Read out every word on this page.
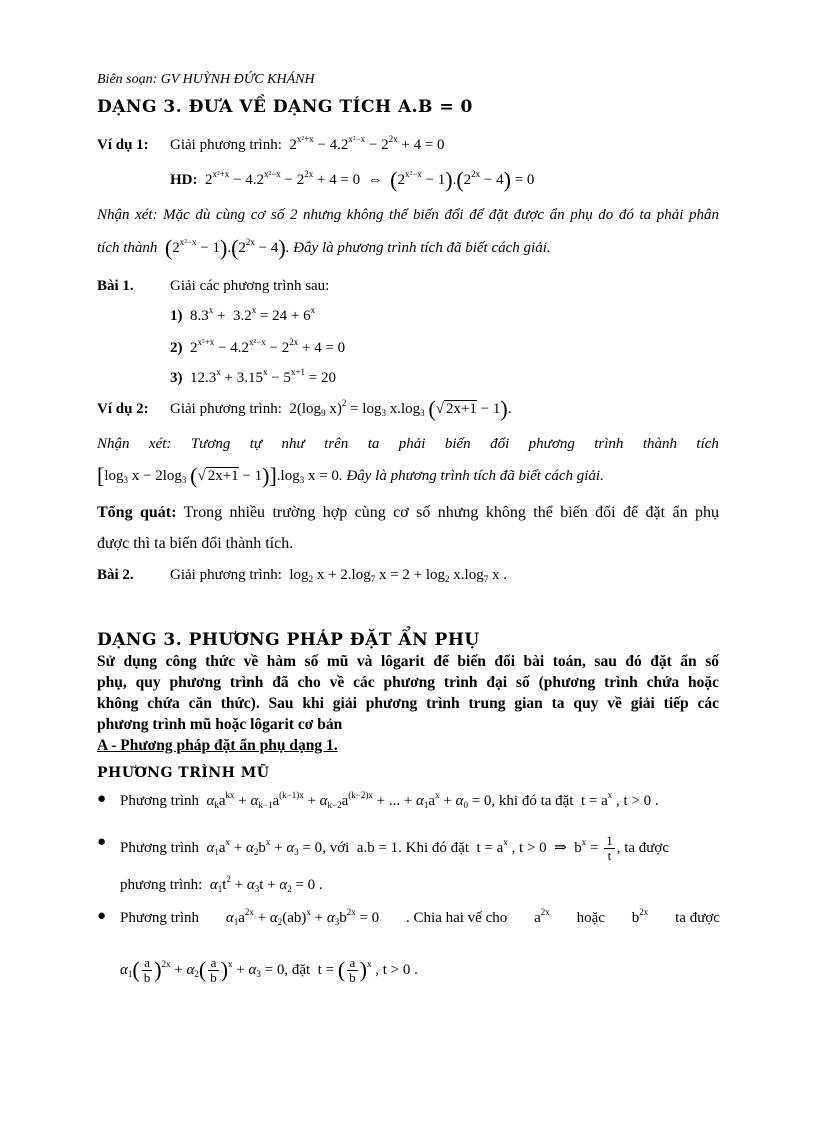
Biên soạn: GV HUỲNH ĐỨC KHÁNH
DẠNG 3. ĐƯA VỀ DẠNG TÍCH A.B = 0
Ví dụ 1: Giải phương trình:  $2^{x^2+x} - 4.2^{x^2-x} - 2^{2x} + 4 = 0$
HD:  $2^{x^2+x} - 4.2^{x^2-x} - 2^{2x} + 4 = 0$  ⇔  $(2^{x^2-x} - 1).(2^{2x} - 4) = 0$
Nhận xét: Mặc dù cùng cơ số 2 nhưng không thể biến đổi để đặt được ẩn phụ do đó ta phải phân
tích thành $(2^{x^2-x} - 1).(2^{2x} - 4)$. Đây là phương trình tích đã biết cách giải.
Bài 1. Giải các phương trình sau:
1)  $8.3^x + 3.2^x = 24 + 6^x$
2)  $2^{x^2+x} - 4.2^{x^2-x} - 2^{2x} + 4 = 0$
3)  $12.3^x + 3.15^x - 5^{x+1} = 20$
Ví dụ 2: Giải phương trình:  $2(\log_9$ $x)^2 = \log_3 x.\log_3$ (√ 2x+1 − 1).
Nhận xét: Tương tự như trên ta phải biến đổi phương trình thành tích
[$\log_3$ $x - 2\log_3$ (√ $2x+1 - 1)].\log_3$ x = 0. Đây là phương trình tích đã biết cách giải.
Tổng quát: Trong nhiều trường hợp cùng cơ số nhưng không thể biến đổi để đặt ẩn phụ
được thì ta biến đổi thành tích.
Bài 2. Giải phương trình:  $\log_2 x + 2.\log_7$ $x = 2 + \log_2 x.\log_7$ x .
DẠNG 3. PHƯƠNG PHÁP ĐẶT ẨN PHỤ
Sử dụng công thức về hàm số mũ và lôgarit để biến đổi bài toán, sau đó đặt ẩn số
phụ, quy phương trình đã cho về các phương trình đại số (phương trình chứa hoặc
không chứa căn thức). Sau khi giải phương trình trung gian ta quy về giải tiếp các
phương trình mũ hoặc lôgarit cơ bản
A - Phương pháp đặt ẩn phụ dạng 1.
PHƯƠNG TRÌNH MŨ
● Phương trình $\alpha_ka^{kx} + \alpha_{k-1}a^{(k-1)x} + \alpha_{k-2}a^{(k-2)x}$ + ... + $\alpha_1a^x + \alpha_0 = 0$, khi đó ta đặt  $t = a^x$ , t > 0 .
● Phương trình $\alpha_1a^x + \alpha_2b^x + \alpha_3 = 0$, với  a.b = 1. Khi đó đặt  $t = a^x$ , t > 0  ⇒  $b^x = \frac{1}{t}$ , ta được
phương trình: $\alpha_1t^2 + \alpha_3t + \alpha_2 = 0$ .
● Phương trình $\alpha_1a^{2x} + \alpha_2(ab)^x + \alpha_3b^{2x} = 0$ . Chia hai vế cho $a^{2x}$ hoặc $b^{2x}$ ta được
$\alpha_1( \frac{a}{b} )^{2x} + \alpha_2( \frac{a}{b} )^x + \alpha_3 = 0$, đặt  t = ( $\frac{a}{b} )^x$ , t > 0 .
